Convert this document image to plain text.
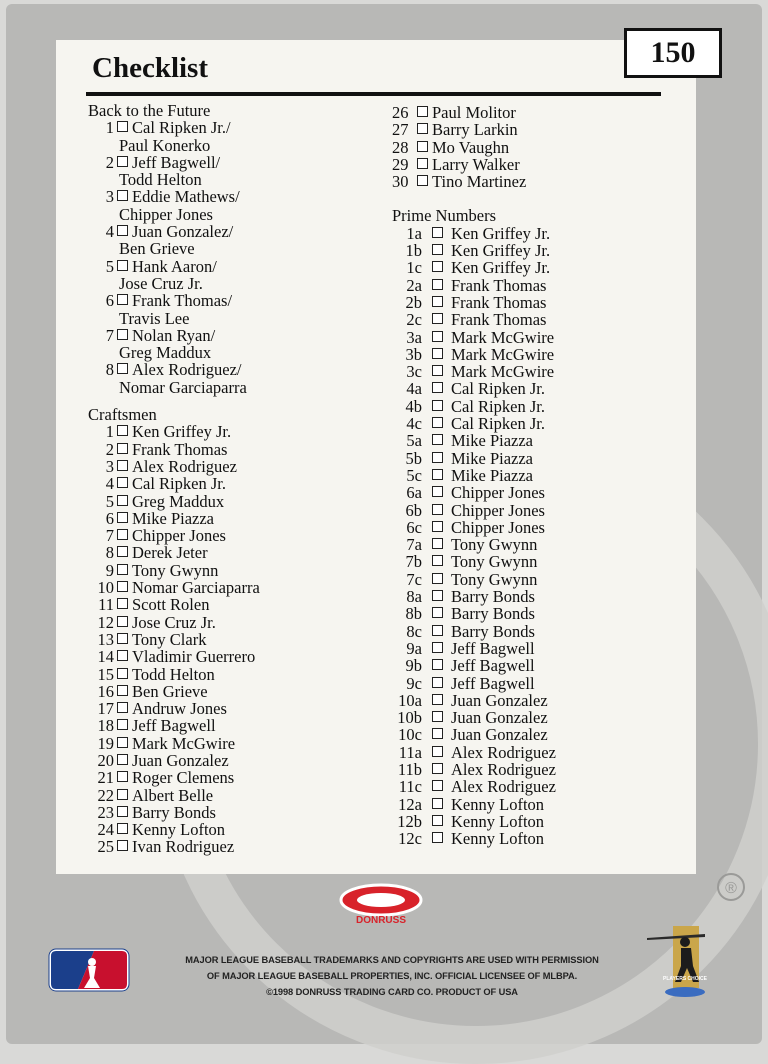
Checklist	150
Back to the Future
1 Cal Ripken Jr./
Paul Konerko
2 Jeff Bagwell/
Todd Helton
3 Eddie Mathews/
Chipper Jones
4 Juan Gonzalez/
Ben Grieve
5 Hank Aaron/
Jose Cruz Jr.
6 Frank Thomas/
Travis Lee
7 Nolan Ryan/
Greg Maddux
8 Alex Rodriguez/
Nomar Garciaparra
Craftsmen
1 Ken Griffey Jr.
2 Frank Thomas
3 Alex Rodriguez
4 Cal Ripken Jr.
5 Greg Maddux
6 Mike Piazza
7 Chipper Jones
8 Derek Jeter
9 Tony Gwynn
10 Nomar Garciaparra
11 Scott Rolen
12 Jose Cruz Jr.
13 Tony Clark
14 Vladimir Guerrero
15 Todd Helton
16 Ben Grieve
17 Andruw Jones
18 Jeff Bagwell
19 Mark McGwire
20 Juan Gonzalez
21 Roger Clemens
22 Albert Belle
23 Barry Bonds
24 Kenny Lofton
25 Ivan Rodriguez
26	Paul Molitor
27	Barry Larkin
28	Mo Vaughn
29	Larry Walker
30	Tino Martinez
Prime Numbers
1a Ken Griffey Jr.
1b Ken Griffey Jr.
1c Ken Griffey Jr.
2a Frank Thomas
2b Frank Thomas
2c Frank Thomas
3a Mark McGwire
3b Mark McGwire
3c Mark McGwire
4a Cal Ripken Jr.
4b Cal Ripken Jr.
4c Cal Ripken Jr.
5a Mike Piazza
5b Mike Piazza
5c Mike Piazza
6a Chipper Jones
6b Chipper Jones
6c Chipper Jones
7a Tony Gwynn
7b Tony Gwynn
7c Tony Gwynn
8a Barry Bonds
8b Barry Bonds
8c Barry Bonds
9a Jeff Bagwell
9b Jeff Bagwell
9c Jeff Bagwell
10a Juan Gonzalez
10b Juan Gonzalez
10c Juan Gonzalez
11a Alex Rodriguez
11b Alex Rodriguez
11c Alex Rodriguez
12a Kenny Lofton
12b Kenny Lofton
12c Kenny Lofton
®
DONRUSS
MAJOR LEAGUE BASEBALL TRADEMARKS AND COPYRIGHTS ARE USED WITH PERMISSION
OF MAJOR LEAGUE BASEBALL PROPERTIES, INC. OFFICIAL LICENSEE OF MLBPA.
©1998 DONRUSS TRADING CARD CO. PRODUCT OF USA
PLAYERS CHOICE
